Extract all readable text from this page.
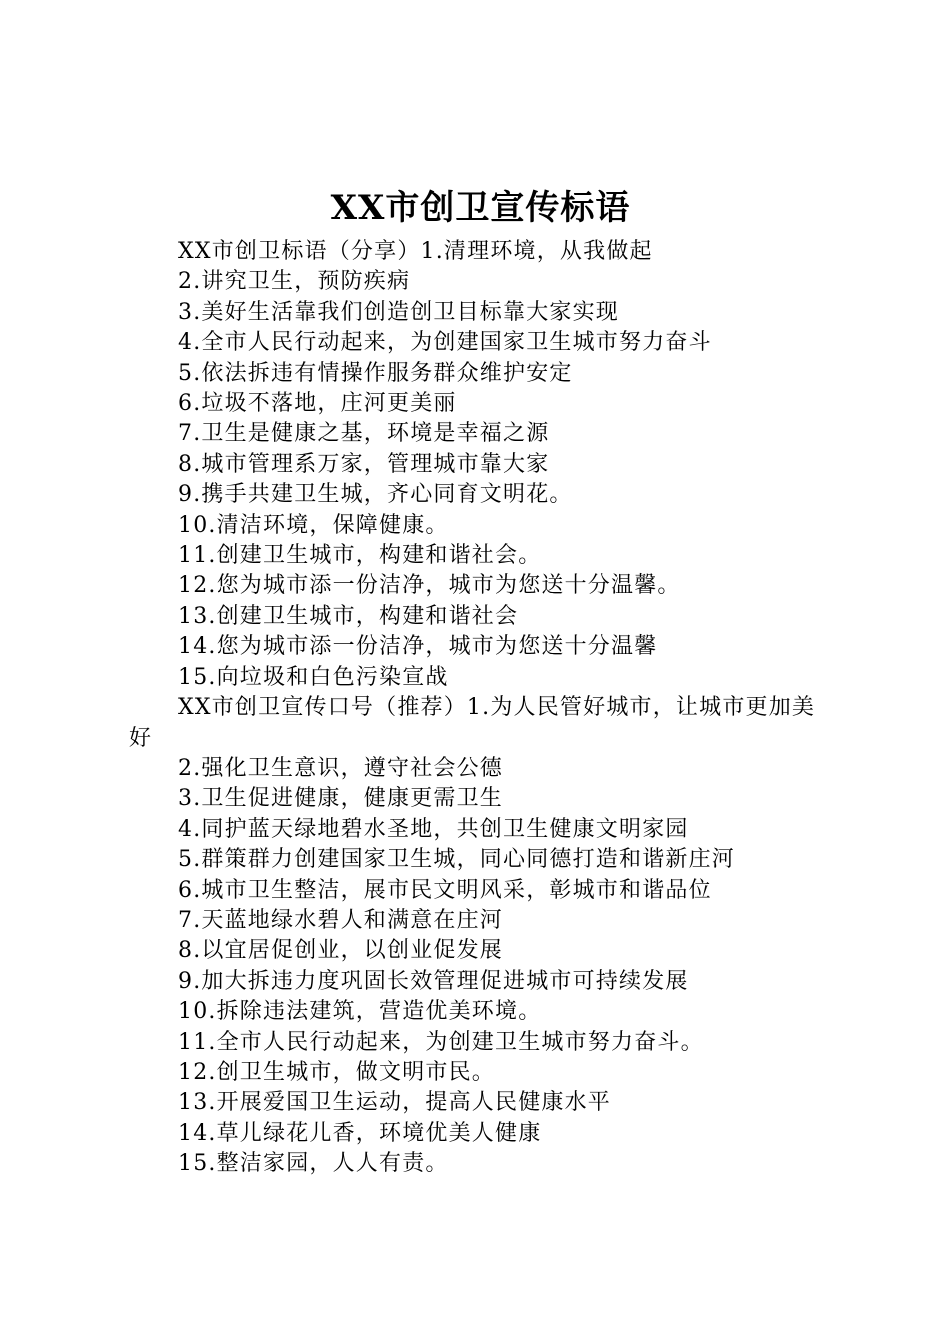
XX市创卫宣传标语

XX市创卫标语（分享）1.清理环境，从我做起

2.讲究卫生，预防疾病

3.美好生活靠我们创造创卫目标靠大家实现

4.全市人民行动起来，为创建国家卫生城市努力奋斗

5.依法拆违有情操作服务群众维护安定

6.垃圾不落地，庄河更美丽

7.卫生是健康之基，环境是幸福之源

8.城市管理系万家，管理城市靠大家

9.携手共建卫生城，齐心同育文明花。

10.清洁环境，保障健康。

11.创建卫生城市，构建和谐社会。

12.您为城市添一份洁净，城市为您送十分温馨。

13.创建卫生城市，构建和谐社会

14.您为城市添一份洁净，城市为您送十分温馨

15.向垃圾和白色污染宣战

XX市创卫宣传口号（推荐）1.为人民管好城市，让城市更加美好

2.强化卫生意识，遵守社会公德

3.卫生促进健康，健康更需卫生

4.同护蓝天绿地碧水圣地，共创卫生健康文明家园

5.群策群力创建国家卫生城，同心同德打造和谐新庄河

6.城市卫生整洁，展市民文明风采，彰城市和谐品位

7.天蓝地绿水碧人和满意在庄河

8.以宜居促创业，以创业促发展

9.加大拆违力度巩固长效管理促进城市可持续发展

10.拆除违法建筑，营造优美环境。

11.全市人民行动起来，为创建卫生城市努力奋斗。

12.创卫生城市，做文明市民。

13.开展爱国卫生运动，提高人民健康水平

14.草儿绿花儿香，环境优美人健康

15.整洁家园，人人有责。
